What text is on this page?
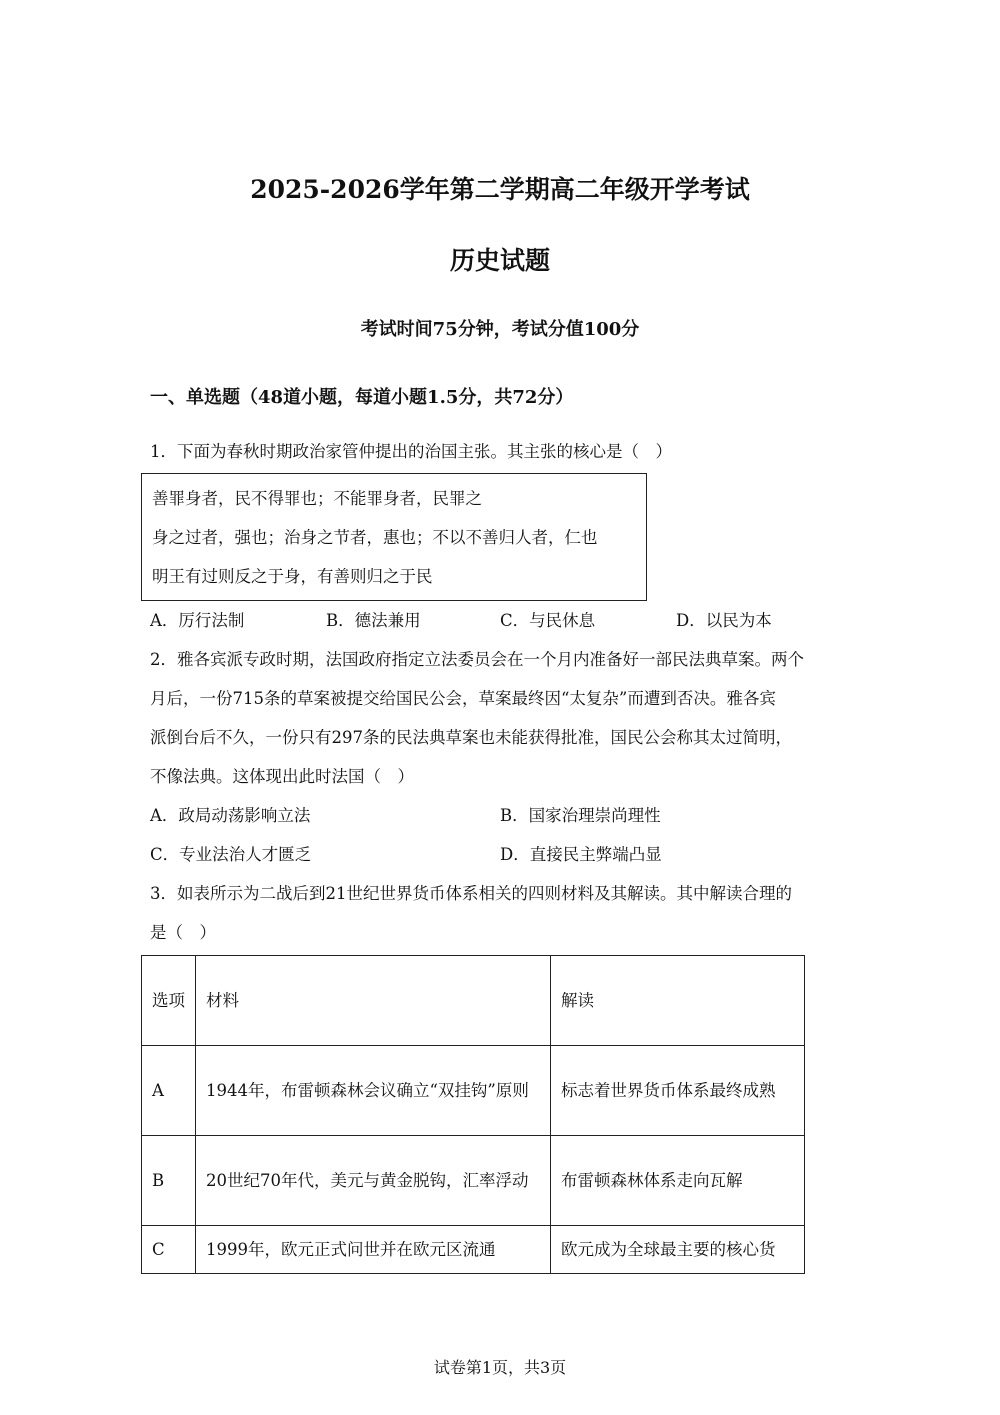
2025-2026学年第二学期高二年级开学考试
历史试题
考试时间75分钟，考试分值100分
一、单选题（48道小题，每道小题1.5分，共72分）
1．下面为春秋时期政治家管仲提出的治国主张。其主张的核心是（　）
善罪身者，民不得罪也；不能罪身者，民罪之
身之过者，强也；治身之节者，惠也；不以不善归人者，仁也
明王有过则反之于身，有善则归之于民
A．厉行法制	B．德法兼用	C．与民休息	D．以民为本
2．雅各宾派专政时期，法国政府指定立法委员会在一个月内准备好一部民法典草案。两个
月后，一份715条的草案被提交给国民公会，草案最终因“太复杂”而遭到否决。雅各宾
派倒台后不久，一份只有297条的民法典草案也未能获得批准，国民公会称其太过简明，
不像法典。这体现出此时法国（　）
A．政局动荡影响立法	B．国家治理崇尚理性
C．专业法治人才匮乏	D．直接民主弊端凸显
3．如表所示为二战后到21世纪世界货币体系相关的四则材料及其解读。其中解读合理的
是（　）
选项	材料	解读
A	1944年，布雷顿森林会议确立“双挂钩”原则	标志着世界货币体系最终成熟
B	20世纪70年代，美元与黄金脱钩，汇率浮动	布雷顿森林体系走向瓦解
C	1999年，欧元正式问世并在欧元区流通	欧元成为全球最主要的核心货
试卷第1页，共3页
